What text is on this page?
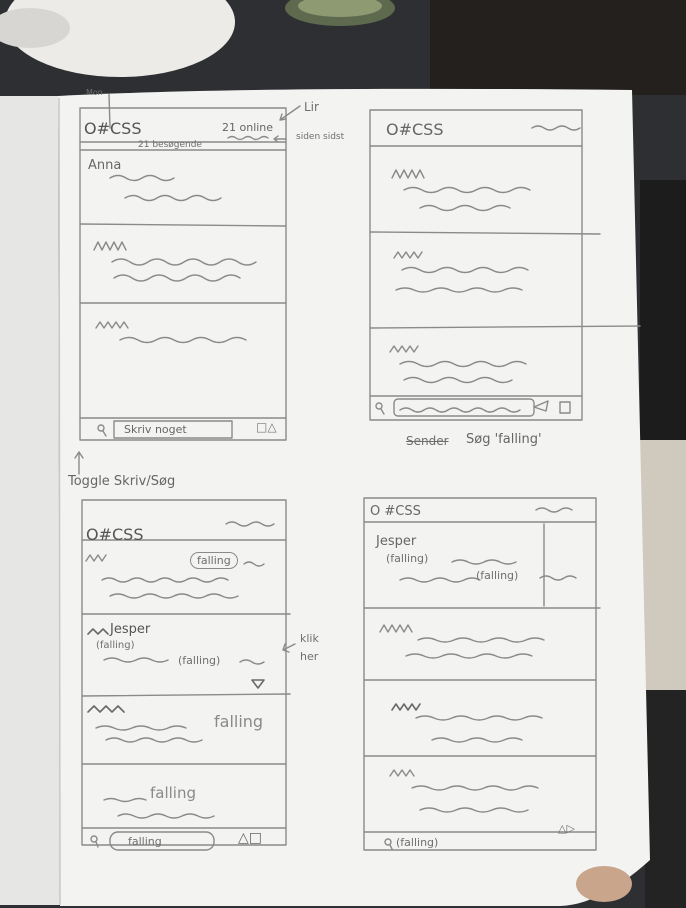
Mon
O#CSS	21 online
21 besøgende
Anna
Skriv noget	□△
Lir
siden sidst
Toggle Skriv/Søg
O#CSS
Sender Søg 'falling'
O#CSS
falling
Jesper
(falling)
(falling)
falling
falling
falling	△□
klik her
O #CSS
Jesper
(falling)
(falling)
(falling)
△▷
